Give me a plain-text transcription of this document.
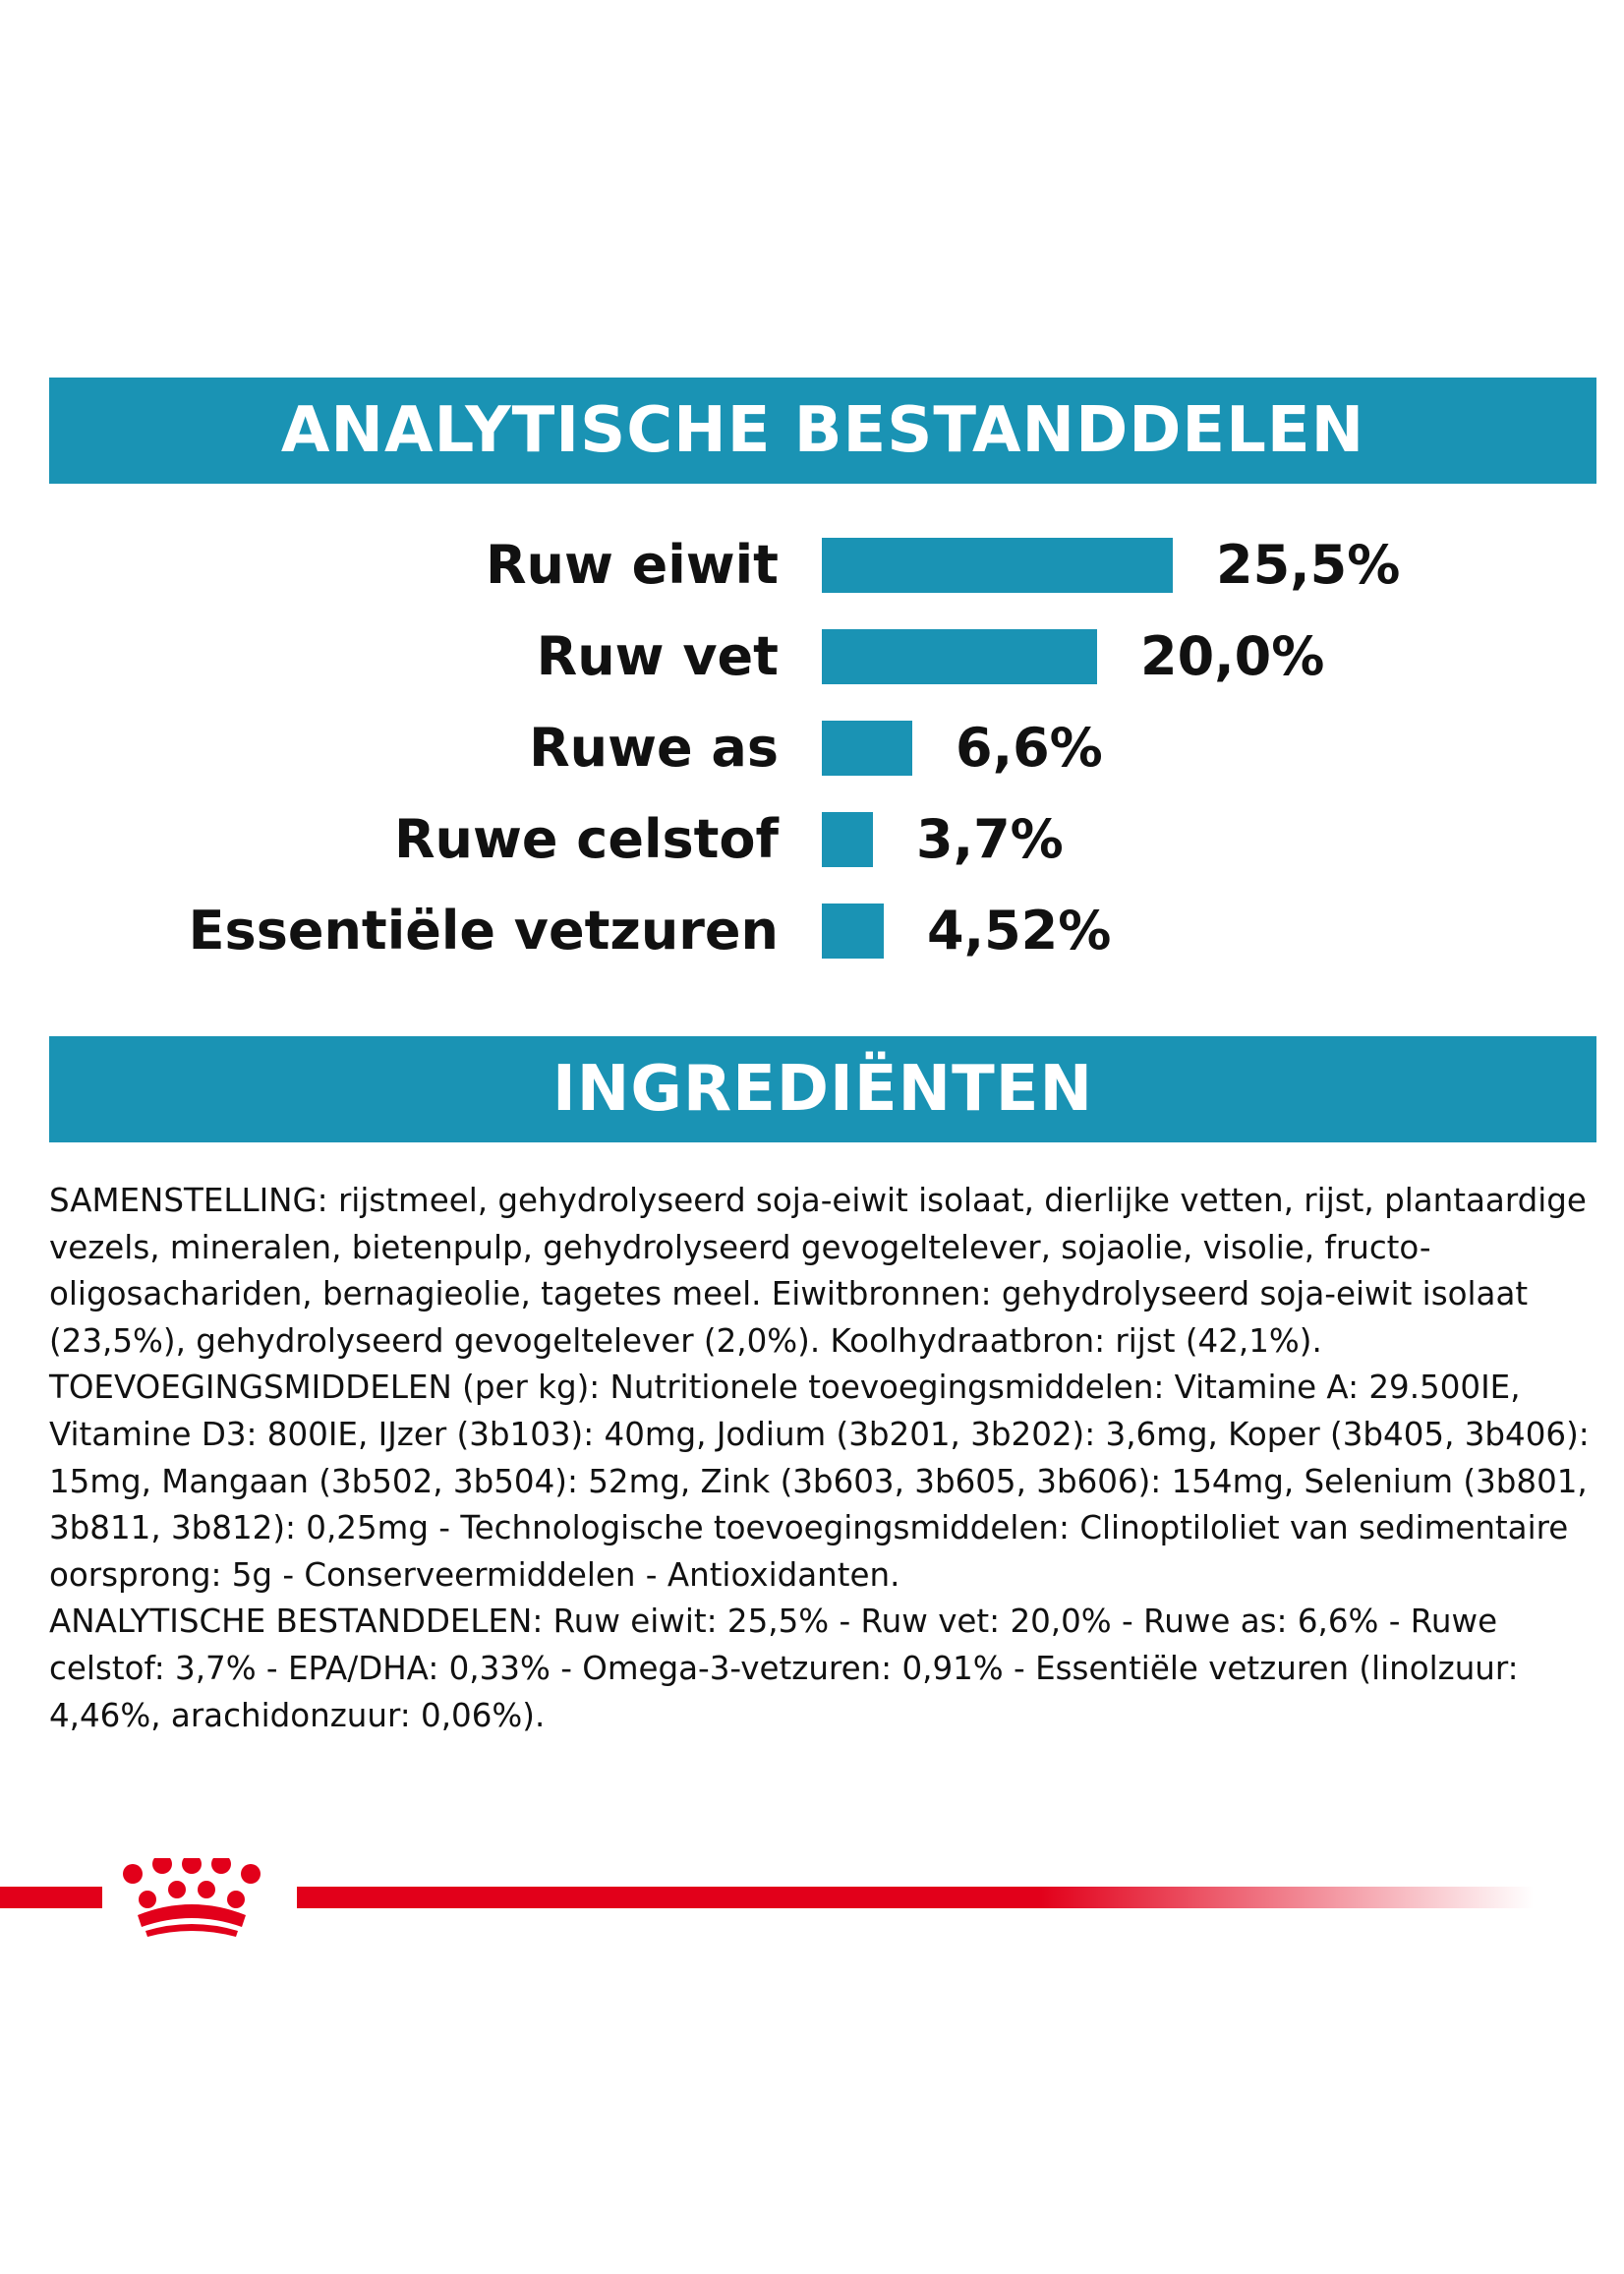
ANALYTISCHE BESTANDDELEN
Ruw eiwit	25,5%
Ruw vet	20,0%
Ruwe as	6,6%
Ruwe celstof	3,7%
Essentiële vetzuren	4,52%
INGREDIËNTEN

SAMENSTELLING: rijstmeel, gehydrolyseerd soja-eiwit isolaat, dierlijke vetten, rijst, plantaardige vezels, mineralen, bietenpulp, gehydrolyseerd gevogeltelever, sojaolie, visolie, fructo-oligosachariden, bernagieolie, tagetes meel. Eiwitbronnen: gehydrolyseerd soja-eiwit isolaat (23,5%), gehydrolyseerd gevogeltelever (2,0%). Koolhydraatbron: rijst (42,1%).

TOEVOEGINGSMIDDELEN (per kg): Nutritionele toevoegingsmiddelen: Vitamine A: 29.500IE, Vitamine D3: 800IE, IJzer (3b103): 40mg, Jodium (3b201, 3b202): 3,6mg, Koper (3b405, 3b406): 15mg, Mangaan (3b502, 3b504): 52mg, Zink (3b603, 3b605, 3b606): 154mg, Selenium (3b801, 3b811, 3b812): 0,25mg - Technologische toevoegingsmiddelen: Clinoptiloliet van sedimentaire oorsprong: 5g - Conserveermiddelen - Antioxidanten.

ANALYTISCHE BESTANDDELEN: Ruw eiwit: 25,5% - Ruw vet: 20,0% - Ruwe as: 6,6% - Ruwe celstof: 3,7% - EPA/DHA: 0,33% - Omega-3-vetzuren: 0,91% - Essentiële vetzuren (linolzuur: 4,46%, arachidonzuur: 0,06%).
